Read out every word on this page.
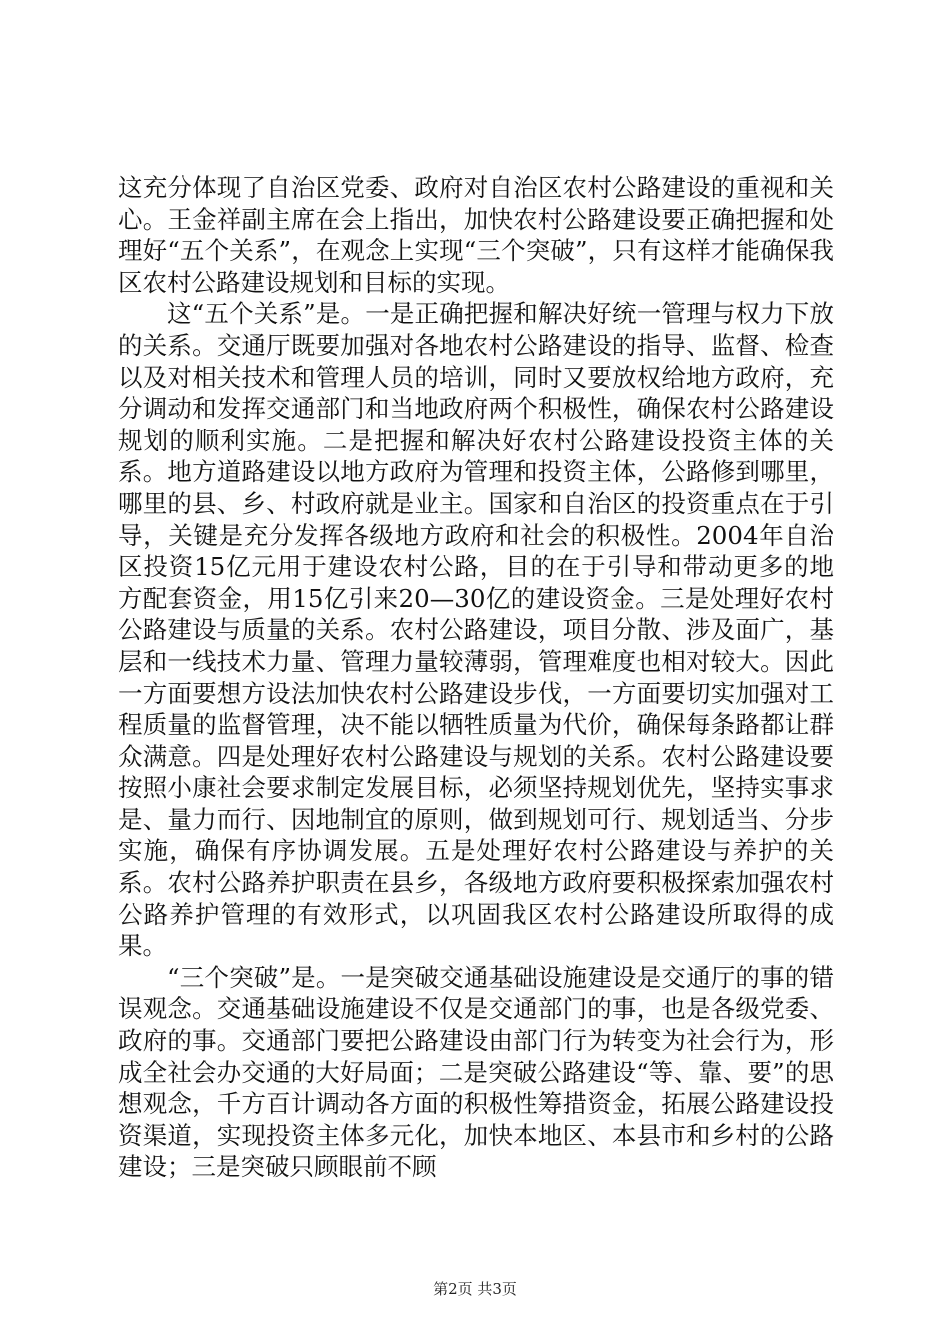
这充分体现了自治区党委、政府对自治区农村公路建设的重视和关心。王金祥副主席在会上指出，加快农村公路建设要正确把握和处理好“五个关系”，在观念上实现“三个突破”，只有这样才能确保我区农村公路建设规划和目标的实现。

这“五个关系”是。一是正确把握和解决好统一管理与权力下放的关系。交通厅既要加强对各地农村公路建设的指导、监督、检查以及对相关技术和管理人员的培训，同时又要放权给地方政府，充分调动和发挥交通部门和当地政府两个积极性，确保农村公路建设规划的顺利实施。二是把握和解决好农村公路建设投资主体的关系。地方道路建设以地方政府为管理和投资主体，公路修到哪里，哪里的县、乡、村政府就是业主。国家和自治区的投资重点在于引导，关键是充分发挥各级地方政府和社会的积极性。2004年自治区投资15亿元用于建设农村公路，目的在于引导和带动更多的地方配套资金，用15亿引来20—30亿的建设资金。三是处理好农村公路建设与质量的关系。农村公路建设，项目分散、涉及面广，基层和一线技术力量、管理力量较薄弱，管理难度也相对较大。因此一方面要想方设法加快农村公路建设步伐，一方面要切实加强对工程质量的监督管理，决不能以牺牲质量为代价，确保每条路都让群众满意。四是处理好农村公路建设与规划的关系。农村公路建设要按照小康社会要求制定发展目标，必须坚持规划优先，坚持实事求是、量力而行、因地制宜的原则，做到规划可行、规划适当、分步实施，确保有序协调发展。五是处理好农村公路建设与养护的关系。农村公路养护职责在县乡，各级地方政府要积极探索加强农村公路养护管理的有效形式，以巩固我区农村公路建设所取得的成果。

“三个突破”是。一是突破交通基础设施建设是交通厅的事的错误观念。交通基础设施建设不仅是交通部门的事，也是各级党委、政府的事。交通部门要把公路建设由部门行为转变为社会行为，形成全社会办交通的大好局面；二是突破公路建设“等、靠、要”的思想观念，千方百计调动各方面的积极性筹措资金，拓展公路建设投资渠道，实现投资主体多元化，加快本地区、本县市和乡村的公路建设；三是突破只顾眼前不顾

第2页 共3页
